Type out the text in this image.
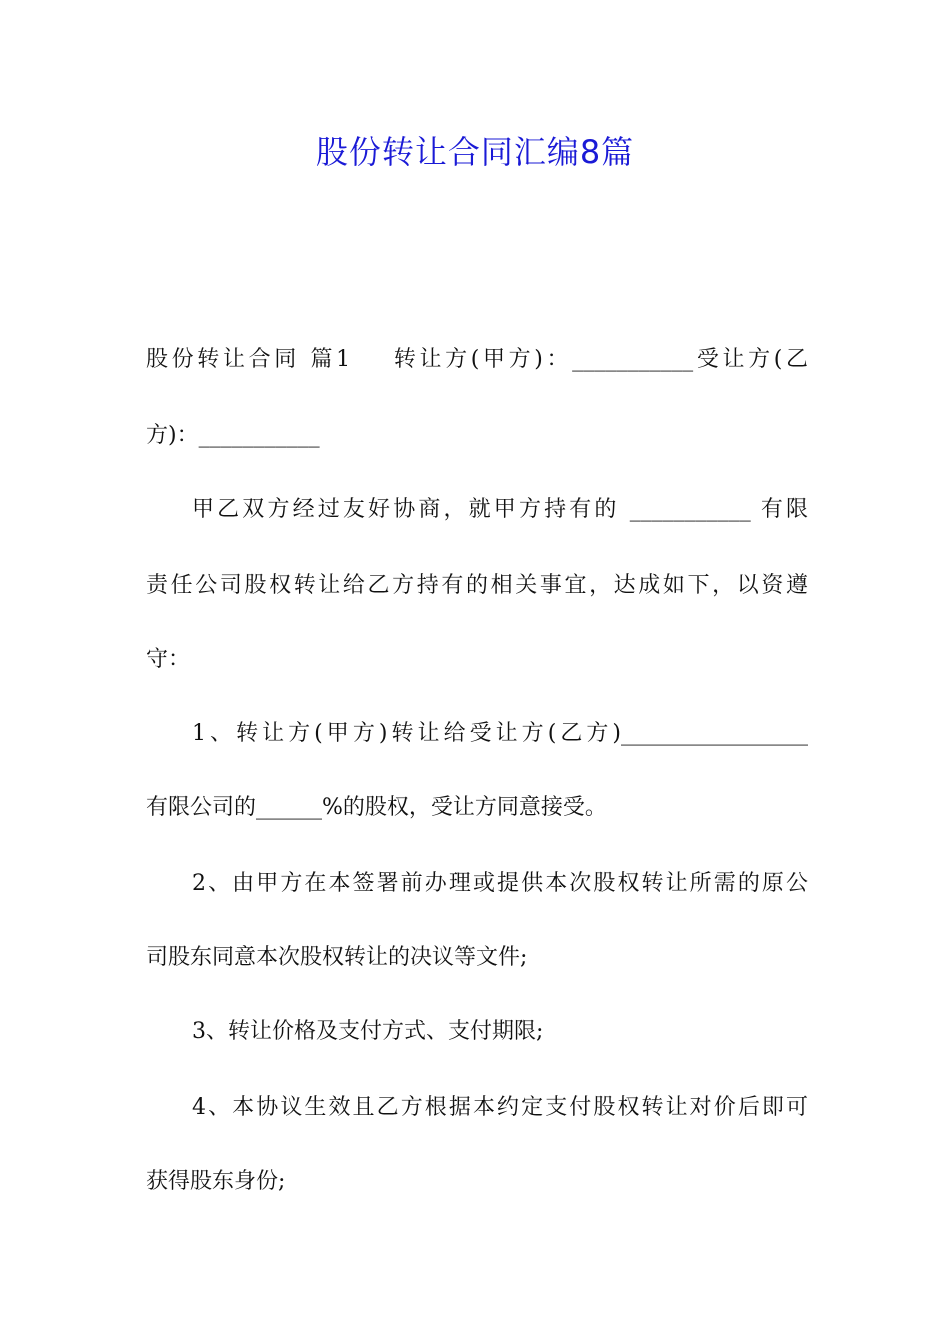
股份转让合同汇编8篇
股份转让合同 篇1 转让方(甲方)：___________受让方(乙
方)：___________
甲乙双方经过友好协商，就甲方持有的 ___________ 有限
责任公司股权转让给乙方持有的相关事宜，达成如下，以资遵
守：
1、转让方(甲方)转让给受让方(乙方)_________________
有限公司的______%的股权，受让方同意接受。
2、由甲方在本签署前办理或提供本次股权转让所需的原公
司股东同意本次股权转让的决议等文件;
3、转让价格及支付方式、支付期限;
4、本协议生效且乙方根据本约定支付股权转让对价后即可
获得股东身份;
